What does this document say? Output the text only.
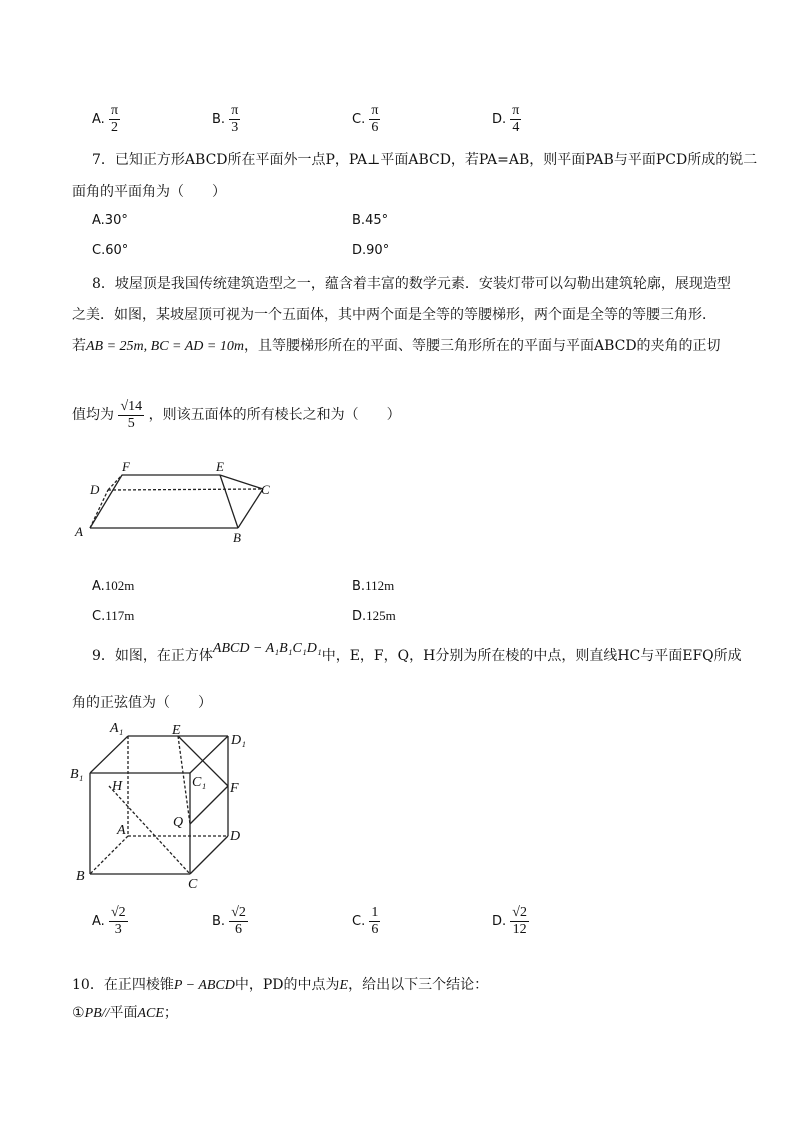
A. $\frac{\pi}{2}$	B. $\frac{\pi}{3}$	C. $\frac{\pi}{6}$	D. $\frac{\pi}{4}$
7．已知正方形ABCD所在平面外一点P，PA⊥平面ABCD，若PA=AB，则平面PAB与平面PCD所成的锐二
面角的平面角为（　　）
A.30°	B.45°
C.60°	D.90°
8．坡屋顶是我国传统建筑造型之一，蕴含着丰富的数学元素．安装灯带可以勾勒出建筑轮廓，展现造型
之美．如图，某坡屋顶可视为一个五面体，其中两个面是全等的等腰梯形，两个面是全等的等腰三角形．
若AB = 25m, BC = AD = 10m，且等腰梯形所在的平面、等腰三角形所在的平面与平面ABCD的夹角的正切
值均为 $\frac{√14}{5}$ ，则该五面体的所有棱长之和为（　　）
F	E
D	C
A	B
A.102m	B.112m
C.117m	D.125m
9．如图，在正方体ABCD − A₁B₁C₁D₁中，E，F，Q，H分别为所在棱的中点，则直线HC与平面EFQ所成
角的正弦值为（　　）
A₁	E
D₁
B₁
H	C₁ F
A
Q
D
B
C
A. $\frac{√2}{3}$	B. $\frac{√2}{6}$	C. $\frac{1}{6}$	D. $\frac{√2}{12}$
10．在正四棱锥P − ABCD中，PD的中点为E，给出以下三个结论：
①PB//平面ACE；
